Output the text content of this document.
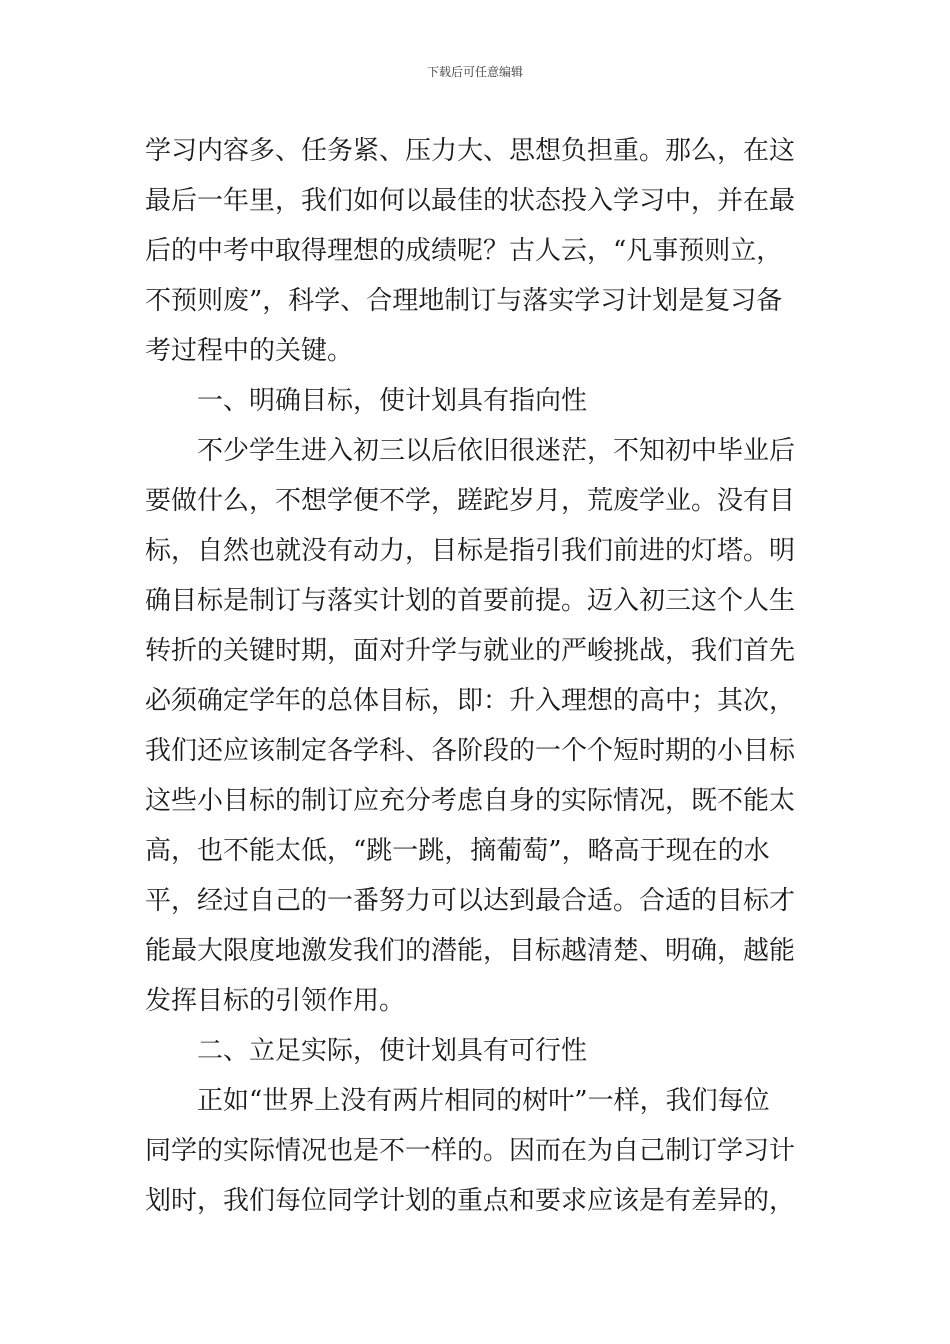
下载后可任意编辑
学习内容多、任务紧、压力大、思想负担重。那么，在这
最后一年里，我们如何以最佳的状态投入学习中，并在最
后的中考中取得理想的成绩呢？古人云，“凡事预则立，
不预则废”，科学、合理地制订与落实学习计划是复习备
考过程中的关键。
一、明确目标，使计划具有指向性
不少学生进入初三以后依旧很迷茫，不知初中毕业后
要做什么，不想学便不学，蹉跎岁月，荒废学业。没有目
标，自然也就没有动力，目标是指引我们前进的灯塔。明
确目标是制订与落实计划的首要前提。迈入初三这个人生
转折的关键时期，面对升学与就业的严峻挑战，我们首先
必须确定学年的总体目标，即：升入理想的高中；其次，
我们还应该制定各学科、各阶段的一个个短时期的小目标
这些小目标的制订应充分考虑自身的实际情况，既不能太
高，也不能太低，“跳一跳，摘葡萄”，略高于现在的水
平，经过自己的一番努力可以达到最合适。合适的目标才
能最大限度地激发我们的潜能，目标越清楚、明确，越能
发挥目标的引领作用。
二、立足实际，使计划具有可行性
正如“世界上没有两片相同的树叶”一样，我们每位
同学的实际情况也是不一样的。因而在为自己制订学习计
划时，我们每位同学计划的重点和要求应该是有差异的，
